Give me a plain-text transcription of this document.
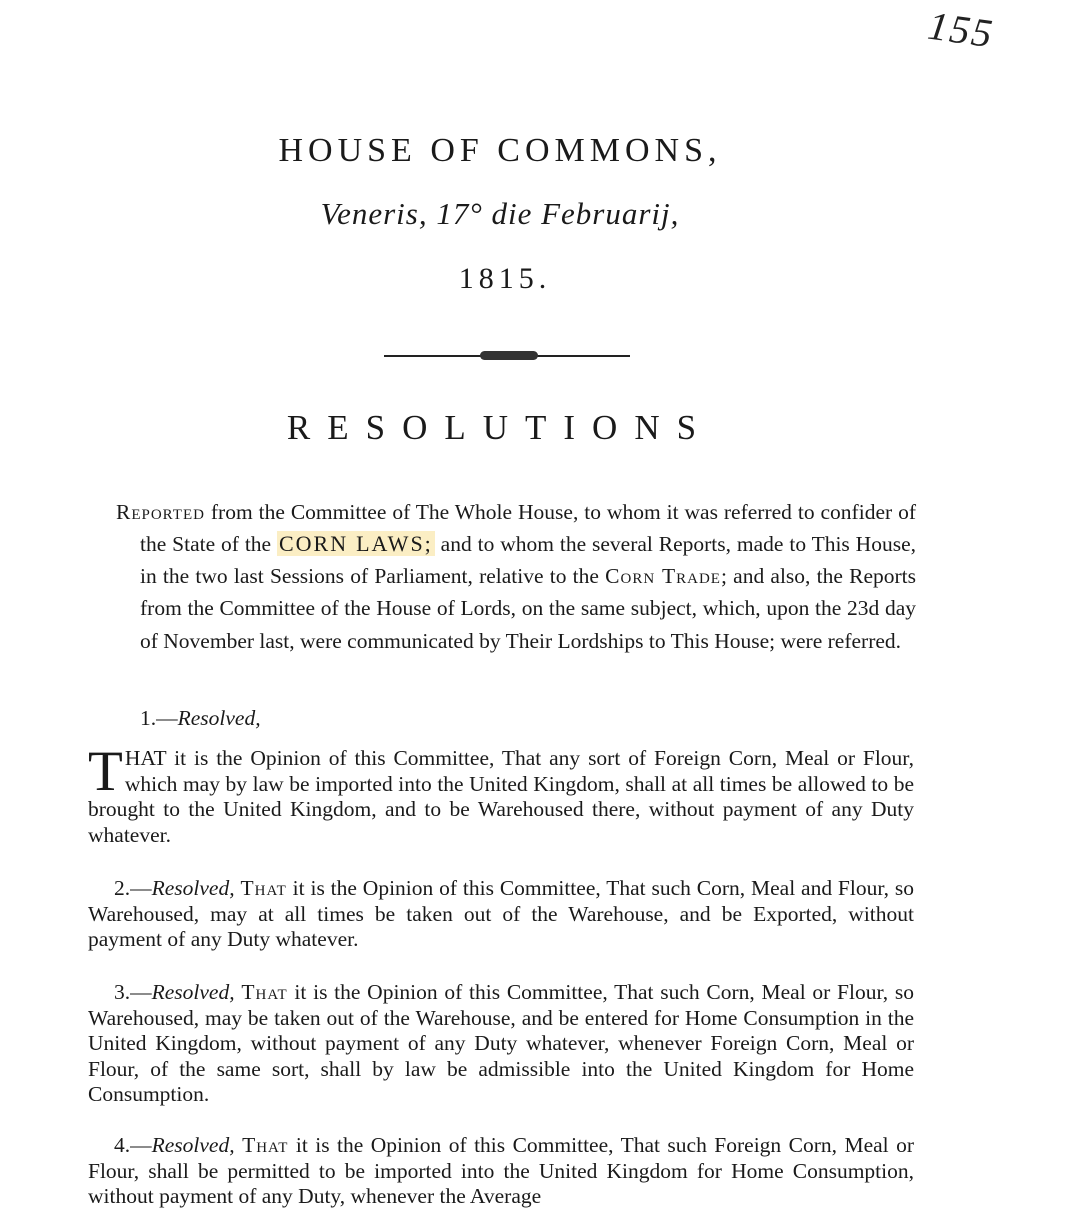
155
HOUSE OF COMMONS,
Veneris, 17° die Februarij,
1815.
RESOLUTIONS

Reported from the Committee of The Whole House, to whom it was referred to confider of the State of the CORN LAWS; and to whom the several Reports, made to This House, in the two last Sessions of Parliament, relative to the Corn Trade; and also, the Reports from the Committee of the House of Lords, on the same subject, which, upon the 23d day of November last, were communicated by Their Lordships to This House; were referred.

1.—Resolved,

THAT it is the Opinion of this Committee, That any sort of Foreign Corn, Meal or Flour, which may by law be imported into the United Kingdom, shall at all times be allowed to be brought to the United Kingdom, and to be Warehoused there, without payment of any Duty whatever.

2.—Resolved, That it is the Opinion of this Committee, That such Corn, Meal and Flour, so Warehoused, may at all times be taken out of the Warehouse, and be Exported, without payment of any Duty whatever.

3.—Resolved, That it is the Opinion of this Committee, That such Corn, Meal or Flour, so Warehoused, may be taken out of the Warehouse, and be entered for Home Consumption in the United Kingdom, without payment of any Duty whatever, whenever Foreign Corn, Meal or Flour, of the same sort, shall by law be admissible into the United Kingdom for Home Consumption.

4.—Resolved, That it is the Opinion of this Committee, That such Foreign Corn, Meal or Flour, shall be permitted to be imported into the United Kingdom for Home Consumption, without payment of any Duty, whenever the Average
